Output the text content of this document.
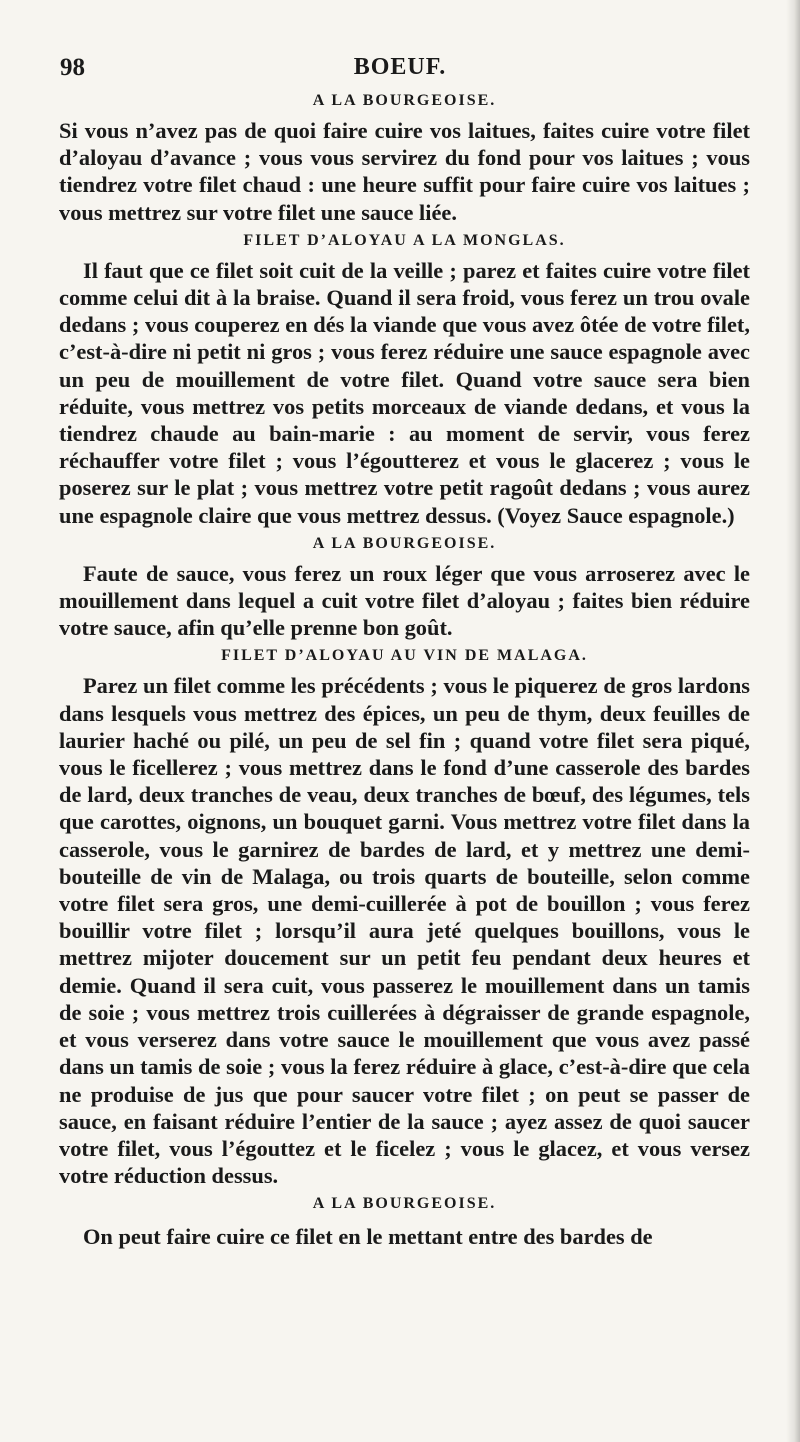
98	BOEUF.
A LA BOURGEOISE.

Si vous n’avez pas de quoi faire cuire vos laitues, faites cuire votre filet d’aloyau d’avance ; vous vous servirez du fond pour vos laitues ; vous tiendrez votre filet chaud : une heure suffit pour faire cuire vos laitues ; vous mettrez sur votre filet une sauce liée.

FILET D’ALOYAU A LA MONGLAS.

Il faut que ce filet soit cuit de la veille ; parez et faites cuire votre filet comme celui dit à la braise. Quand il sera froid, vous ferez un trou ovale dedans ; vous couperez en dés la viande que vous avez ôtée de votre filet, c’est-à-dire ni petit ni gros ; vous ferez réduire une sauce espagnole avec un peu de mouillement de votre filet. Quand votre sauce sera bien réduite, vous mettrez vos petits morceaux de viande dedans, et vous la tiendrez chaude au bain-marie : au moment de servir, vous ferez réchauffer votre filet ; vous l’égoutterez et vous le glacerez ; vous le poserez sur le plat ; vous mettrez votre petit ragoût dedans ; vous aurez une espagnole claire que vous mettrez dessus. (Voyez Sauce espagnole.)

A LA BOURGEOISE.

Faute de sauce, vous ferez un roux léger que vous arroserez avec le mouillement dans lequel a cuit votre filet d’aloyau ; faites bien réduire votre sauce, afin qu’elle prenne bon goût.

FILET D’ALOYAU AU VIN DE MALAGA.

Parez un filet comme les précédents ; vous le piquerez de gros lardons dans lesquels vous mettrez des épices, un peu de thym, deux feuilles de laurier haché ou pilé, un peu de sel fin ; quand votre filet sera piqué, vous le ficellerez ; vous mettrez dans le fond d’une casserole des bardes de lard, deux tranches de veau, deux tranches de bœuf, des légumes, tels que carottes, oignons, un bouquet garni. Vous mettrez votre filet dans la casserole, vous le garnirez de bardes de lard, et y mettrez une demi-bouteille de vin de Malaga, ou trois quarts de bouteille, selon comme votre filet sera gros, une demi-cuillerée à pot de bouillon ; vous ferez bouillir votre filet ; lorsqu’il aura jeté quelques bouillons, vous le mettrez mijoter doucement sur un petit feu pendant deux heures et demie. Quand il sera cuit, vous passerez le mouillement dans un tamis de soie ; vous mettrez trois cuillerées à dégraisser de grande espagnole, et vous verserez dans votre sauce le mouillement que vous avez passé dans un tamis de soie ; vous la ferez réduire à glace, c’est-à-dire que cela ne produise de jus que pour saucer votre filet ; on peut se passer de sauce, en faisant réduire l’entier de la sauce ; ayez assez de quoi saucer votre filet, vous l’égouttez et le ficelez ; vous le glacez, et vous versez votre réduction dessus.

A LA BOURGEOISE.

On peut faire cuire ce filet en le mettant entre des bardes de
